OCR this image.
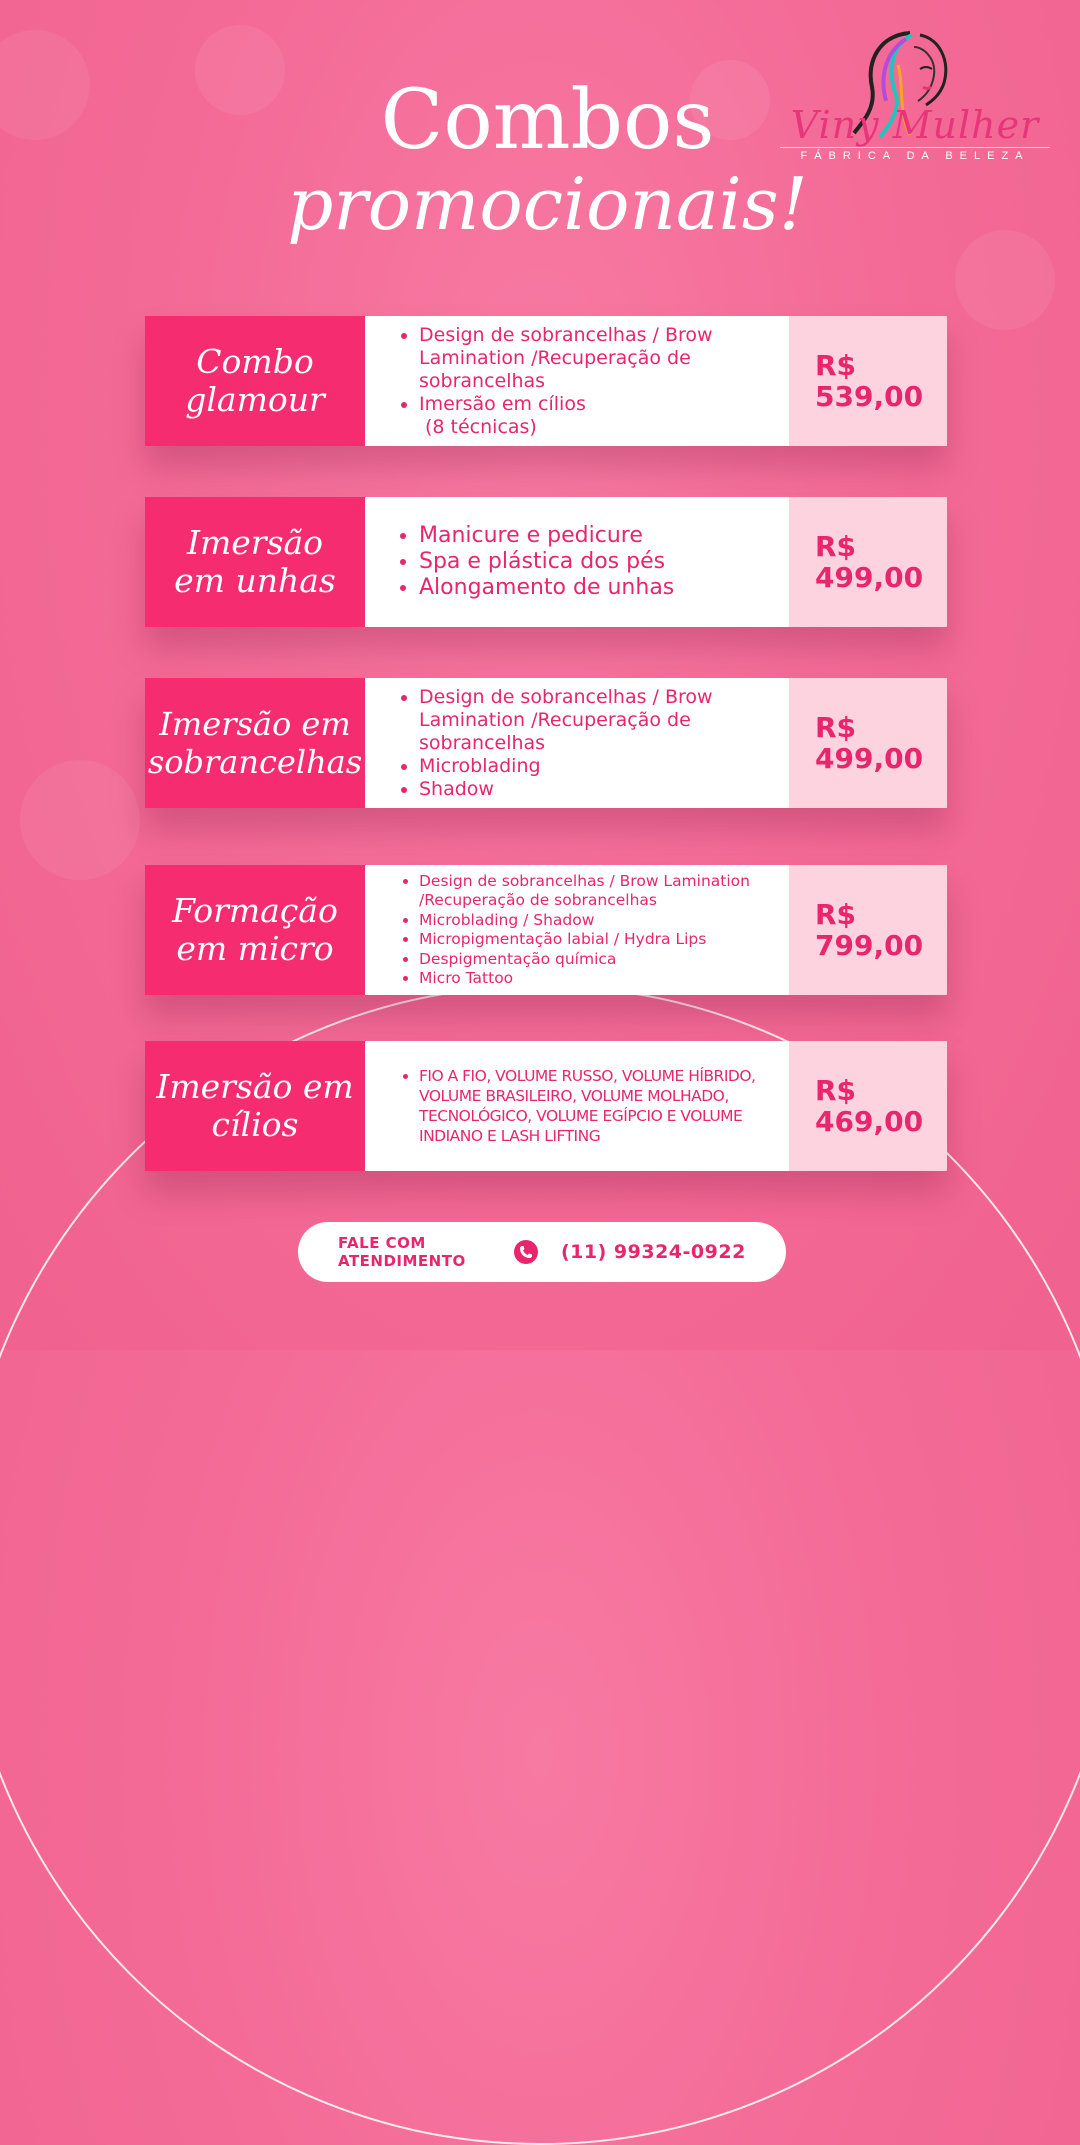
Viny Mulher
FÁBRICA DA BELEZA
Combos
promocionais!
Combo
glamour
• Design de sobrancelhas / Brow Lamination /Recuperação de sobrancelhas
• Imersão em cílios
(8 técnicas)
R$
539,00
Imersão
em unhas
• Manicure e pedicure
• Spa e plástica dos pés
• Alongamento de unhas
R$
499,00
Imersão em
sobrancelhas
• Design de sobrancelhas / Brow Lamination /Recuperação de sobrancelhas
• Microblading
• Shadow
R$
499,00
Formação
em micro
• Design de sobrancelhas / Brow Lamination /Recuperação de sobrancelhas
• Microblading / Shadow
• Micropigmentação labial / Hydra Lips
• Despigmentação química
• Micro Tattoo
R$
799,00
Imersão em
cílios
• FIO A FIO, VOLUME RUSSO, VOLUME HÍBRIDO, VOLUME BRASILEIRO, VOLUME MOLHADO, TECNOLÓGICO, VOLUME EGÍPCIO E VOLUME INDIANO E LASH LIFTING
R$
469,00
FALE COM
ATENDIMENTO	(11) 99324-0922
